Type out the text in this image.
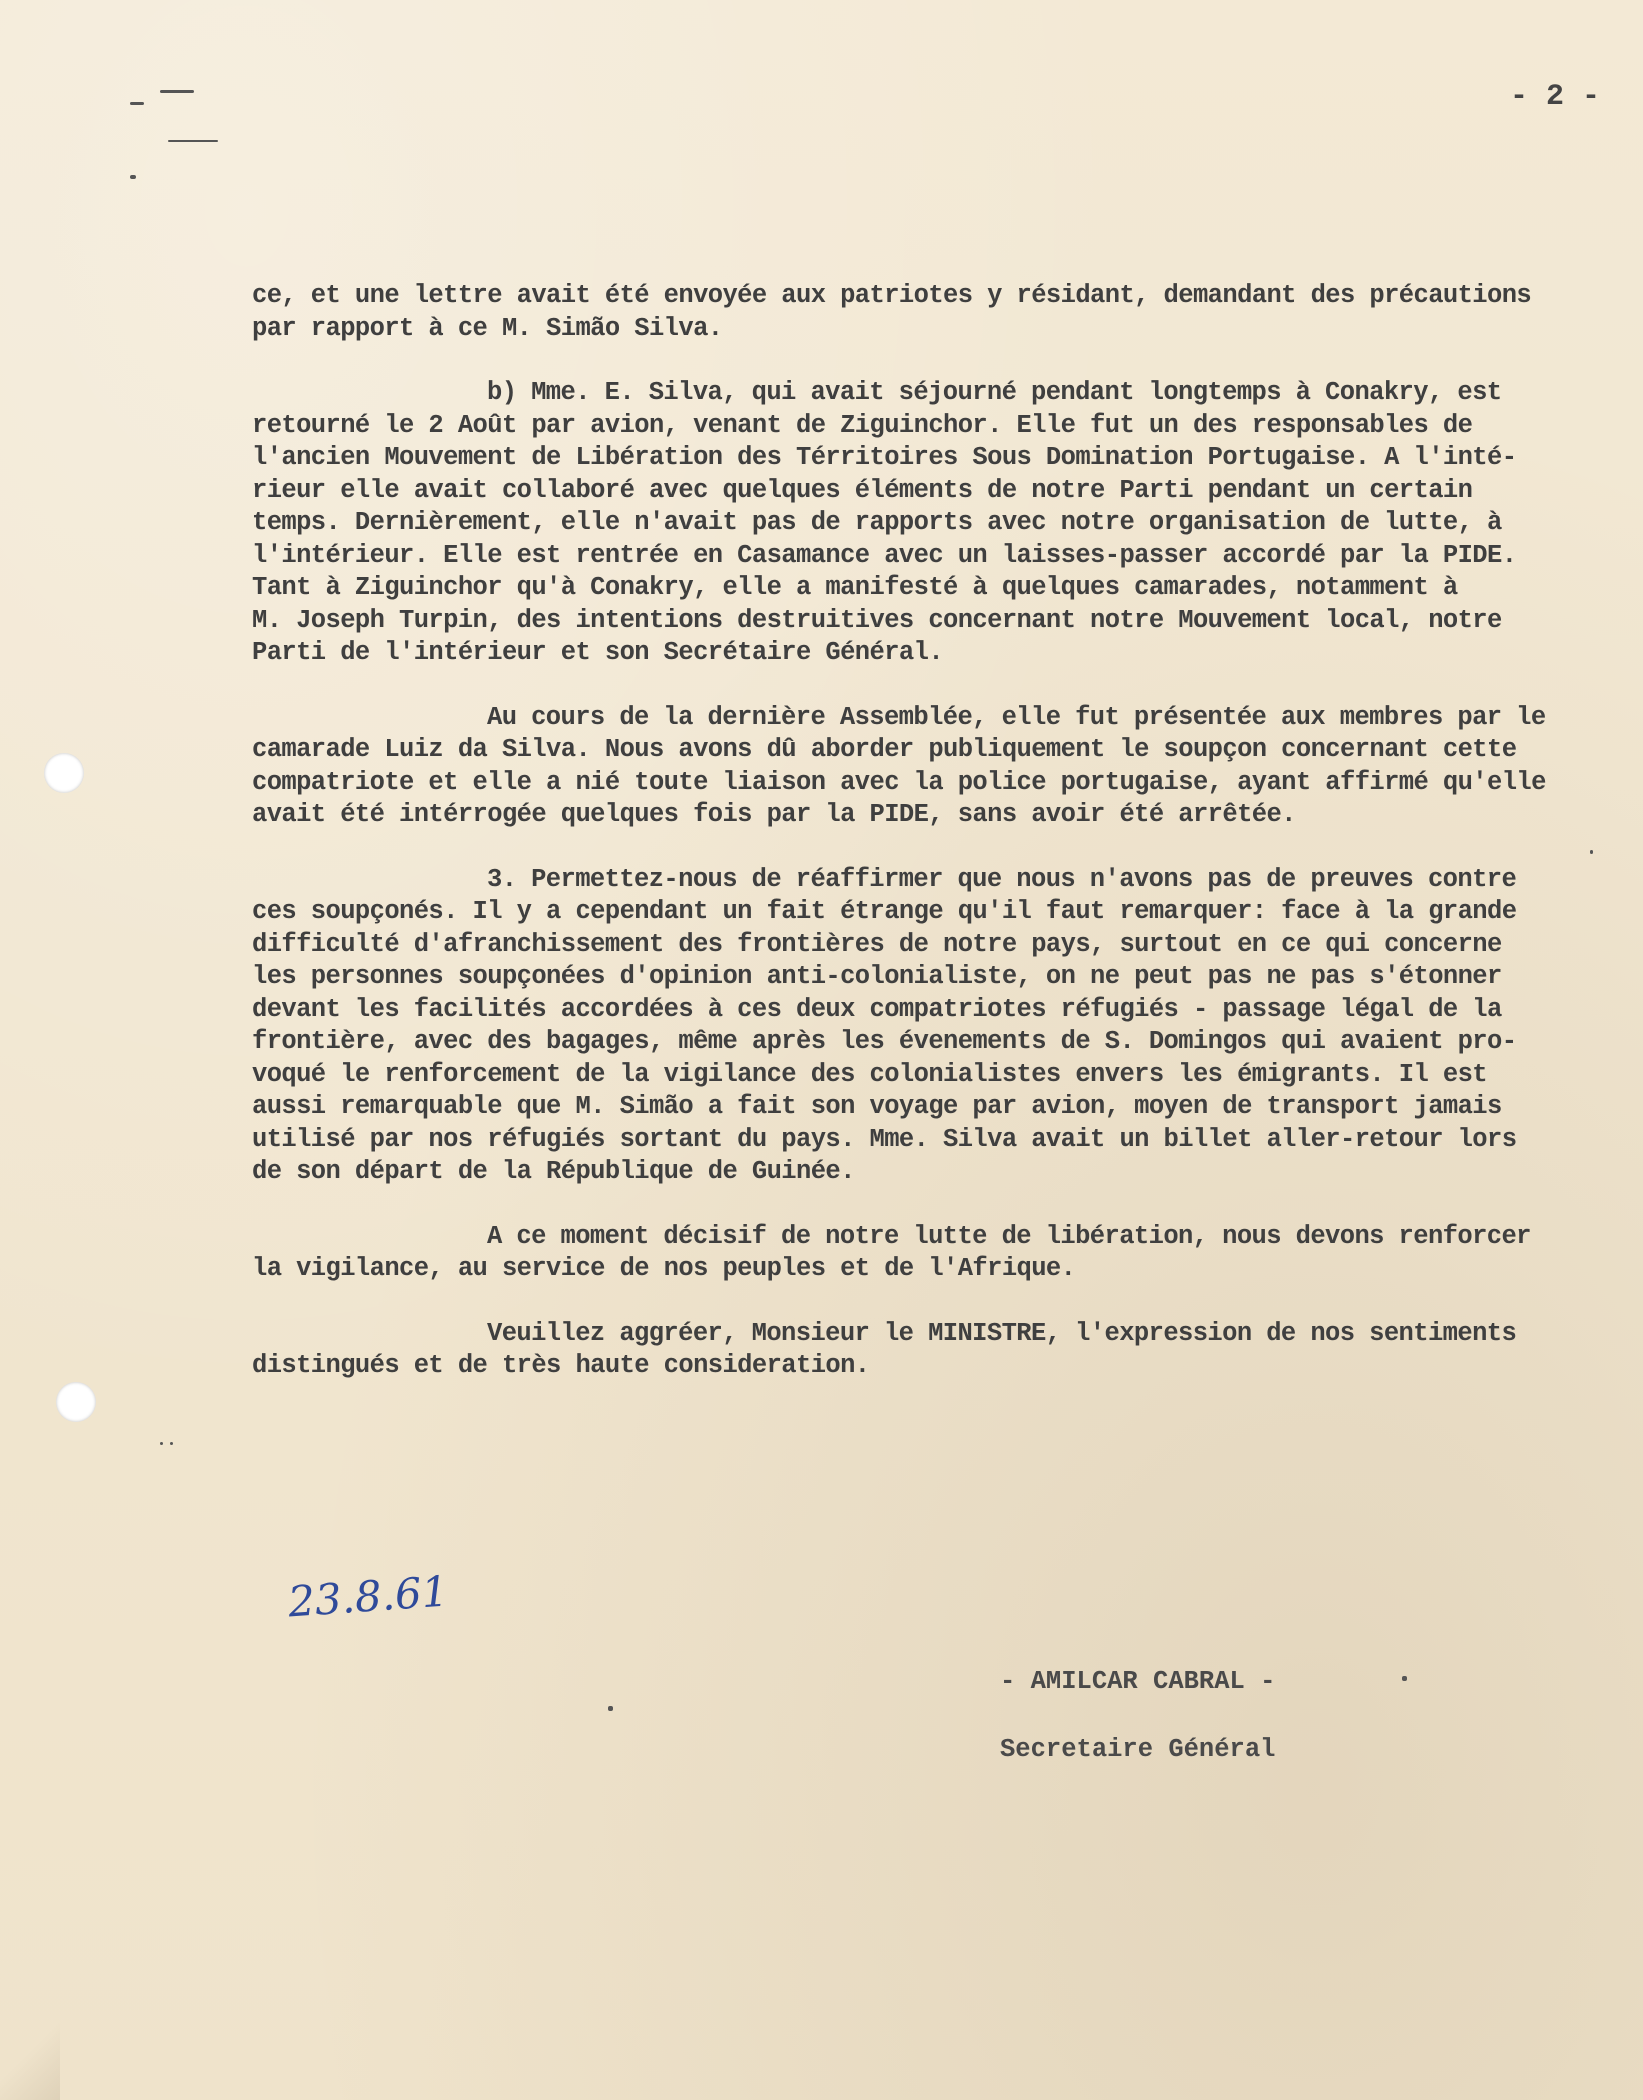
- 2 -

ce, et une lettre avait été envoyée aux patriotes y résidant, demandant des précautions
par rapport à ce M. Simão Silva.

b) Mme. E. Silva, qui avait séjourné pendant longtemps à Conakry, est
retourné le 2 Août par avion, venant de Ziguinchor. Elle fut un des responsables de
l'ancien Mouvement de Libération des Térritoires Sous Domination Portugaise. A l'inté-
rieur elle avait collaboré avec quelques éléments de notre Parti pendant un certain
temps. Dernièrement, elle n'avait pas de rapports avec notre organisation de lutte, à
l'intérieur. Elle est rentrée en Casamance avec un laisses-passer accordé par la PIDE.
Tant à Ziguinchor qu'à Conakry, elle a manifesté à quelques camarades, notamment à
M. Joseph Turpin, des intentions destruitives concernant notre Mouvement local, notre
Parti de l'intérieur et son Secrétaire Général.

Au cours de la dernière Assemblée, elle fut présentée aux membres par le
camarade Luiz da Silva. Nous avons dû aborder publiquement le soupçon concernant cette
compatriote et elle a nié toute liaison avec la police portugaise, ayant affirmé qu'elle
avait été intérrogée quelques fois par la PIDE, sans avoir été arrêtée.

3. Permettez-nous de réaffirmer que nous n'avons pas de preuves contre
ces soupçonés. Il y a cependant un fait étrange qu'il faut remarquer: face à la grande
difficulté d'afranchissement des frontières de notre pays, surtout en ce qui concerne
les personnes soupçonées d'opinion anti-colonialiste, on ne peut pas ne pas s'étonner
devant les facilités accordées à ces deux compatriotes réfugiés - passage légal de la
frontière, avec des bagages, même après les évenements de S. Domingos qui avaient pro-
voqué le renforcement de la vigilance des colonialistes envers les émigrants. Il est
aussi remarquable que M. Simão a fait son voyage par avion, moyen de transport jamais
utilisé par nos réfugiés sortant du pays. Mme. Silva avait un billet aller-retour lors
de son départ de la République de Guinée.

A ce moment décisif de notre lutte de libération, nous devons renforcer
la vigilance, au service de nos peuples et de l'Afrique.

Veuillez aggréer, Monsieur le MINISTRE, l'expression de nos sentiments
distingués et de très haute consideration.

23.8.61
- AMILCAR CABRAL -

Secretaire Général
